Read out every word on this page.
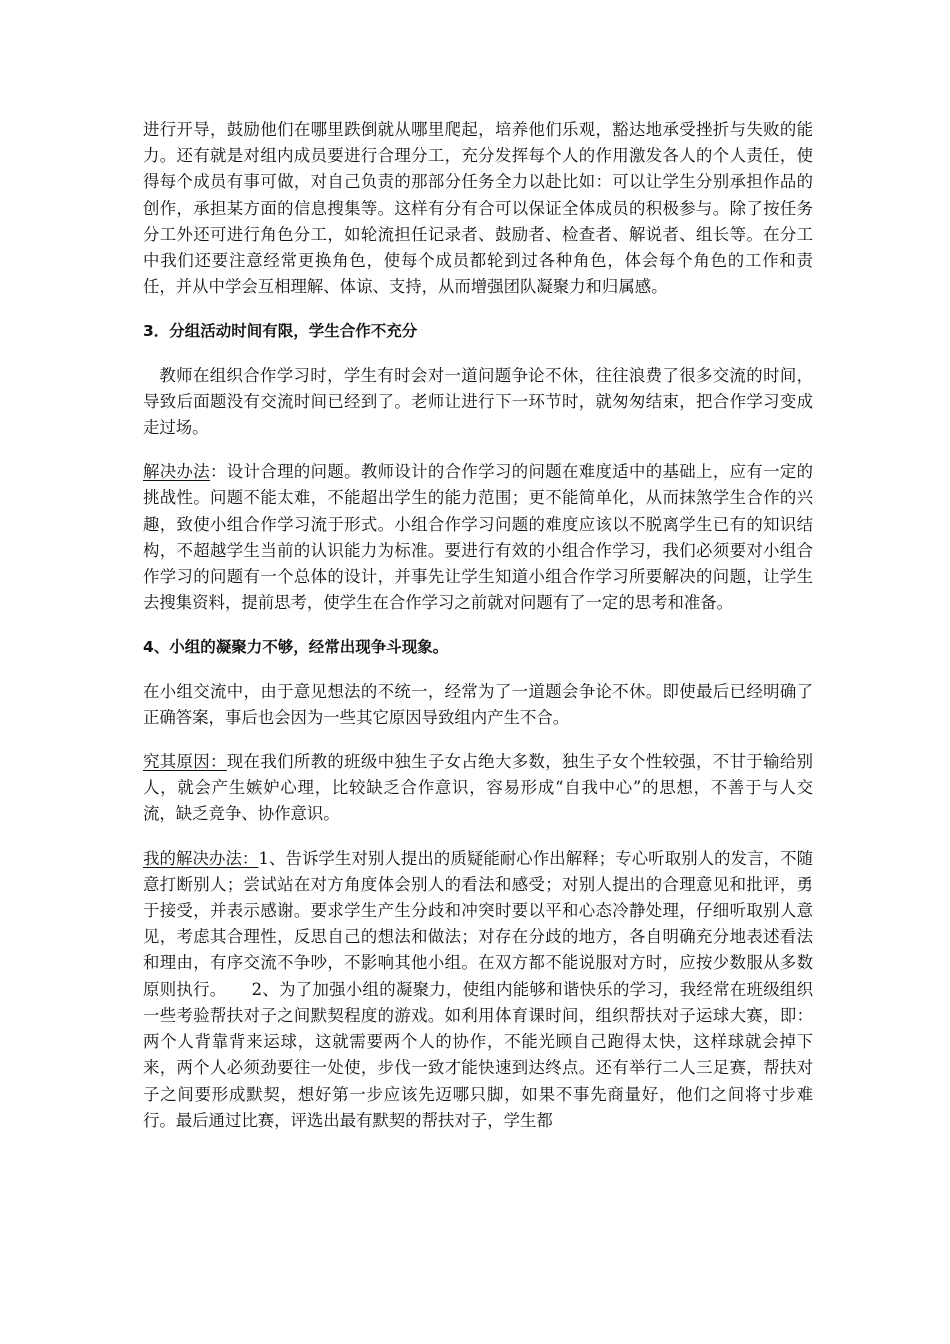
进行开导，鼓励他们在哪里跌倒就从哪里爬起，培养他们乐观，豁达地承受挫折与失败的能力。还有就是对组内成员要进行合理分工，充分发挥每个人的作用激发各人的个人责任，使得每个成员有事可做，对自己负责的那部分任务全力以赴比如：可以让学生分别承担作品的创作，承担某方面的信息搜集等。这样有分有合可以保证全体成员的积极参与。除了按任务分工外还可进行角色分工，如轮流担任记录者、鼓励者、检查者、解说者、组长等。在分工中我们还要注意经常更换角色，使每个成员都轮到过各种角色，体会每个角色的工作和责任，并从中学会互相理解、体谅、支持，从而增强团队凝聚力和归属感。

3．分组活动时间有限，学生合作不充分

教师在组织合作学习时，学生有时会对一道问题争论不休，往往浪费了很多交流的时间，导致后面题没有交流时间已经到了。老师让进行下一环节时，就匆匆结束，把合作学习变成走过场。

解决办法：设计合理的问题。教师设计的合作学习的问题在难度适中的基础上，应有一定的挑战性。问题不能太难，不能超出学生的能力范围；更不能简单化，从而抹煞学生合作的兴趣，致使小组合作学习流于形式。小组合作学习问题的难度应该以不脱离学生已有的知识结构，不超越学生当前的认识能力为标准。要进行有效的小组合作学习，我们必须要对小组合作学习的问题有一个总体的设计，并事先让学生知道小组合作学习所要解决的问题，让学生去搜集资料，提前思考，使学生在合作学习之前就对问题有了一定的思考和准备。

4、小组的凝聚力不够，经常出现争斗现象。

在小组交流中，由于意见想法的不统一，经常为了一道题会争论不休。即使最后已经明确了正确答案，事后也会因为一些其它原因导致组内产生不合。

究其原因：现在我们所教的班级中独生子女占绝大多数，独生子女个性较强，不甘于输给别人，就会产生嫉妒心理，比较缺乏合作意识，容易形成“自我中心”的思想，不善于与人交流，缺乏竞争、协作意识。

我的解决办法：1、告诉学生对别人提出的质疑能耐心作出解释；专心听取别人的发言，不随意打断别人；尝试站在对方角度体会别人的看法和感受；对别人提出的合理意见和批评，勇于接受，并表示感谢。要求学生产生分歧和冲突时要以平和心态冷静处理，仔细听取别人意见，考虑其合理性，反思自己的想法和做法；对存在分歧的地方，各自明确充分地表述看法和理由，有序交流不争吵，不影响其他小组。在双方都不能说服对方时，应按少数服从多数原则执行。　　2、为了加强小组的凝聚力，使组内能够和谐快乐的学习，我经常在班级组织一些考验帮扶对子之间默契程度的游戏。如利用体育课时间，组织帮扶对子运球大赛，即：两个人背靠背来运球，这就需要两个人的协作，不能光顾自己跑得太快，这样球就会掉下来，两个人必须劲要往一处使，步伐一致才能快速到达终点。还有举行二人三足赛，帮扶对子之间要形成默契，想好第一步应该先迈哪只脚，如果不事先商量好，他们之间将寸步难行。最后通过比赛，评选出最有默契的帮扶对子，学生都
